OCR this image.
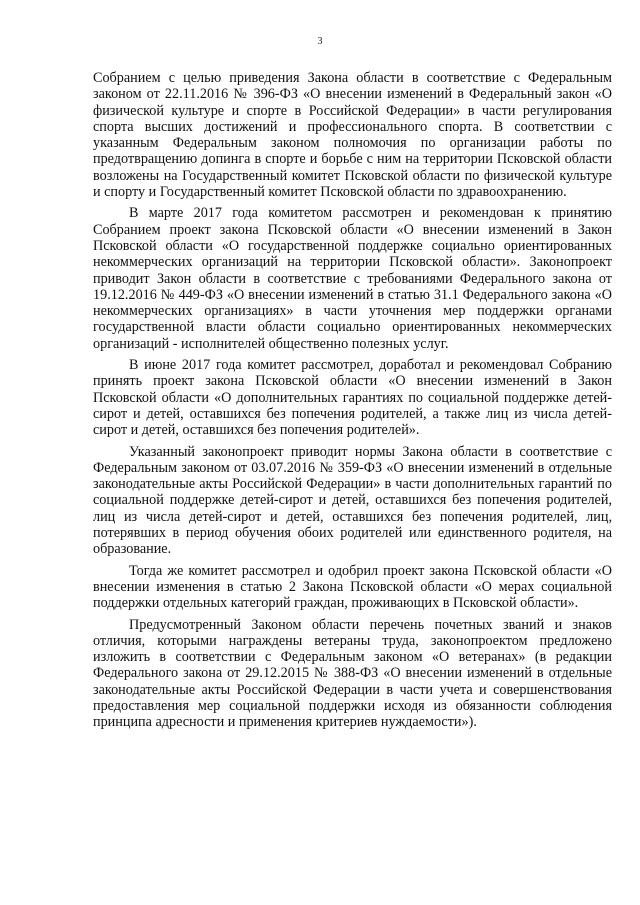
3

Собранием с целью приведения Закона области в соответствие с Федеральным законом от 22.11.2016 № 396-ФЗ «О внесении изменений в Федеральный закон «О физической культуре и спорте в Российской Федерации» в части регулирования спорта высших достижений и профессионального спорта. В соответствии с указанным Федеральным законом полномочия по организации работы по предотвращению допинга в спорте и борьбе с ним на территории Псковской области возложены на Государственный комитет Псковской области по физической культуре и спорту и Государственный комитет Псковской области по здравоохранению.

В марте 2017 года комитетом рассмотрен и рекомендован к принятию Собранием проект закона Псковской области «О внесении изменений в Закон Псковской области «О государственной поддержке социально ориентированных некоммерческих организаций на территории Псковской области». Законопроект приводит Закон области в соответствие с требованиями Федерального закона от 19.12.2016 № 449-ФЗ «О внесении изменений в статью 31.1 Федерального закона «О некоммерческих организациях» в части уточнения мер поддержки органами государственной власти области социально ориентированных некоммерческих организаций - исполнителей общественно полезных услуг.

В июне 2017 года комитет рассмотрел, доработал и рекомендовал Собранию принять проект закона Псковской области «О внесении изменений в Закон Псковской области «О дополнительных гарантиях по социальной поддержке детей-сирот и детей, оставшихся без попечения родителей, а также лиц из числа детей-сирот и детей, оставшихся без попечения родителей».

Указанный законопроект приводит нормы Закона области в соответствие с Федеральным законом от 03.07.2016 № 359-ФЗ «О внесении изменений в отдельные законодательные акты Российской Федерации» в части дополнительных гарантий по социальной поддержке детей-сирот и детей, оставшихся без попечения родителей, лиц из числа детей-сирот и детей, оставшихся без попечения родителей, лиц, потерявших в период обучения обоих родителей или единственного родителя, на образование.

Тогда же комитет рассмотрел и одобрил проект закона Псковской области «О внесении изменения в статью 2 Закона Псковской области «О мерах социальной поддержки отдельных категорий граждан, проживающих в Псковской области».

Предусмотренный Законом области перечень почетных званий и знаков отличия, которыми награждены ветераны труда, законопроектом предложено изложить в соответствии с Федеральным законом «О ветеранах» (в редакции Федерального закона от 29.12.2015 № 388-ФЗ «О внесении изменений в отдельные законодательные акты Российской Федерации в части учета и совершенствования предоставления мер социальной поддержки исходя из обязанности соблюдения принципа адресности и применения критериев нуждаемости»).
